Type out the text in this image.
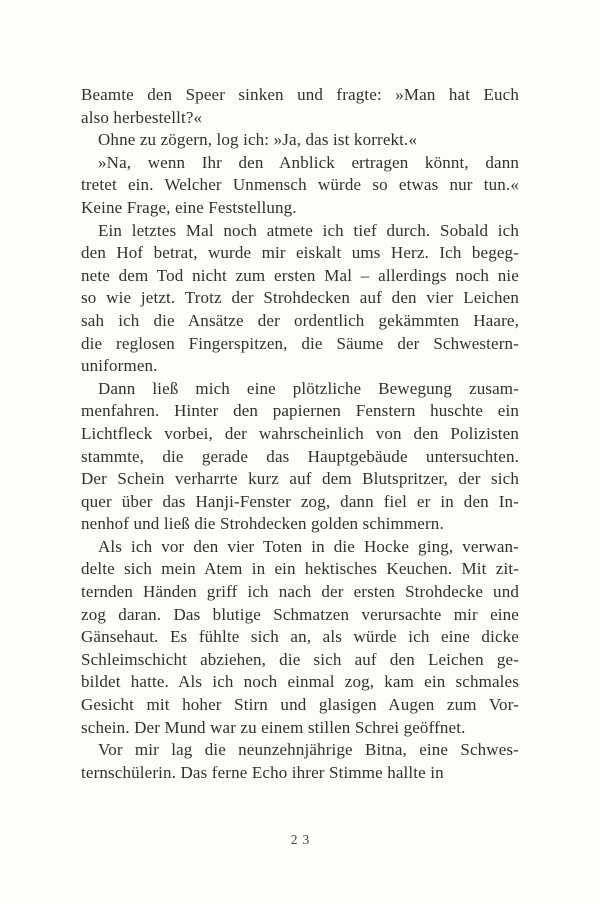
Beamte den Speer sinken und fragte: »Man hat Euch
also herbestellt?«
Ohne zu zögern, log ich: »Ja, das ist korrekt.«
»Na, wenn Ihr den Anblick ertragen könnt, dann
tretet ein. Welcher Unmensch würde so etwas nur tun.«
Keine Frage, eine Feststellung.
Ein letztes Mal noch atmete ich tief durch. Sobald ich
den Hof betrat, wurde mir eiskalt ums Herz. Ich begeg-
nete dem Tod nicht zum ersten Mal – allerdings noch nie
so wie jetzt. Trotz der Strohdecken auf den vier Leichen
sah ich die Ansätze der ordentlich gekämmten Haare,
die reglosen Fingerspitzen, die Säume der Schwestern-
uniformen.
Dann ließ mich eine plötzliche Bewegung zusam-
menfahren. Hinter den papiernen Fenstern huschte ein
Lichtfleck vorbei, der wahrscheinlich von den Polizisten
stammte, die gerade das Hauptgebäude untersuchten.
Der Schein verharrte kurz auf dem Blutspritzer, der sich
quer über das Hanji-Fenster zog, dann fiel er in den In-
nenhof und ließ die Strohdecken golden schimmern.
Als ich vor den vier Toten in die Hocke ging, verwan-
delte sich mein Atem in ein hektisches Keuchen. Mit zit-
ternden Händen griff ich nach der ersten Strohdecke und
zog daran. Das blutige Schmatzen verursachte mir eine
Gänsehaut. Es fühlte sich an, als würde ich eine dicke
Schleimschicht abziehen, die sich auf den Leichen ge-
bildet hatte. Als ich noch einmal zog, kam ein schmales
Gesicht mit hoher Stirn und glasigen Augen zum Vor-
schein. Der Mund war zu einem stillen Schrei geöffnet.
Vor mir lag die neunzehnjährige Bitna, eine Schwes-
ternschülerin. Das ferne Echo ihrer Stimme hallte in
23
